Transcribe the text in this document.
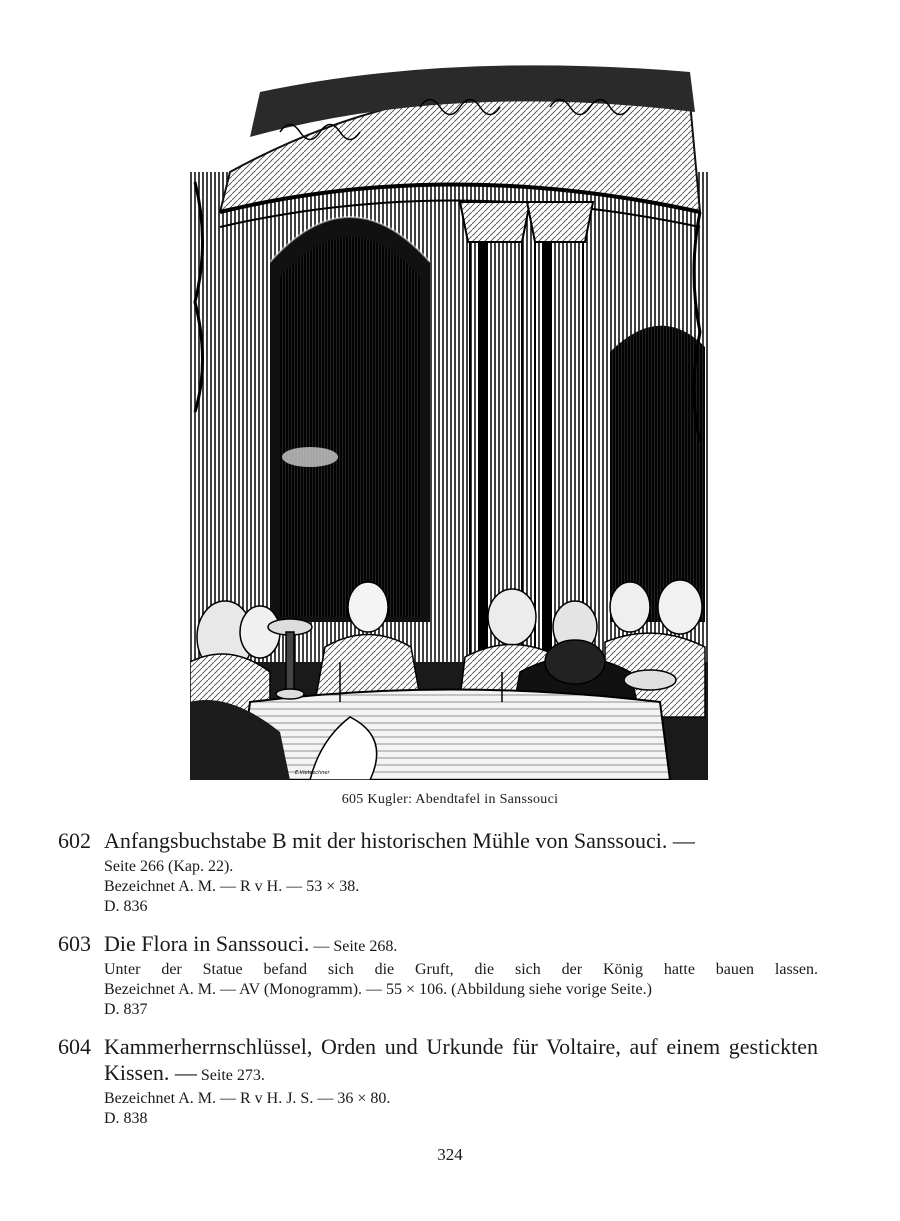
E.Vieteschner
605 Kugler: Abendtafel in Sanssouci
602 Anfangsbuchstabe B mit der historischen Mühle von Sanssouci. —
Seite 266 (Kap. 22).
Bezeichnet A. M. — R v H. — 53 × 38.
D. 836
603 Die Flora in Sanssouci. — Seite 268.
Unter der Statue befand sich die Gruft, die sich der König hatte bauen lassen.
Bezeichnet A. M. — AV (Monogramm). — 55 × 106. (Abbildung siehe vorige Seite.)
D. 837
604 Kammerherrnschlüssel, Orden und Urkunde für Voltaire, auf einem gestickten Kissen. — Seite 273.
Bezeichnet A. M. — R v H. J. S. — 36 × 80.
D. 838
324
